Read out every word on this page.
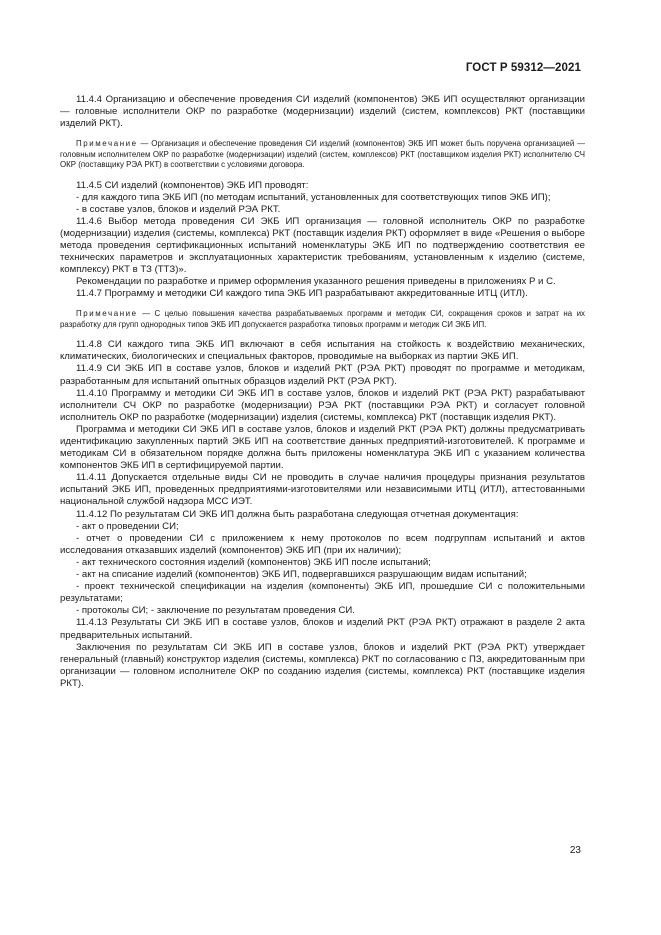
ГОСТ Р 59312—2021

11.4.4 Организацию и обеспечение проведения СИ изделий (компонентов) ЭКБ ИП осуществляют организации — головные исполнители ОКР по разработке (модернизации) изделий (систем, комплексов) РКТ (поставщики изделий РКТ).

Примечание — Организация и обеспечение проведения СИ изделий (компонентов) ЭКБ ИП может быть поручена организацией — головным исполнителем ОКР по разработке (модернизации) изделий (систем, комплексов) РКТ (поставщиком изделия РКТ) исполнителю СЧ ОКР (поставщику РЭА РКТ) в соответствии с условиями договора.

11.4.5 СИ изделий (компонентов) ЭКБ ИП проводят:

- для каждого типа ЭКБ ИП (по методам испытаний, установленных для соответствующих типов ЭКБ ИП);

- в составе узлов, блоков и изделий РЭА РКТ.

11.4.6 Выбор метода проведения СИ ЭКБ ИП организация — головной исполнитель ОКР по разработке (модернизации) изделия (системы, комплекса) РКТ (поставщик изделия РКТ) оформляет в виде «Решения о выборе метода проведения сертификационных испытаний номенклатуры ЭКБ ИП по подтверждению соответствия ее технических параметров и эксплуатационных характеристик требованиям, установленным к изделию (системе, комплексу) РКТ в ТЗ (ТТЗ)».

Рекомендации по разработке и пример оформления указанного решения приведены в приложениях Р и С.

11.4.7 Программу и методики СИ каждого типа ЭКБ ИП разрабатывают аккредитованные ИТЦ (ИТЛ).

Примечание — С целью повышения качества разрабатываемых программ и методик СИ, сокращения сроков и затрат на их разработку для групп однородных типов ЭКБ ИП допускается разработка типовых программ и методик СИ ЭКБ ИП.

11.4.8 СИ каждого типа ЭКБ ИП включают в себя испытания на стойкость к воздействию механических, климатических, биологических и специальных факторов, проводимые на выборках из партии ЭКБ ИП.

11.4.9 СИ ЭКБ ИП в составе узлов, блоков и изделий РКТ (РЭА РКТ) проводят по программе и методикам, разработанным для испытаний опытных образцов изделий РКТ (РЭА РКТ).

11.4.10 Программу и методики СИ ЭКБ ИП в составе узлов, блоков и изделий РКТ (РЭА РКТ) разрабатывают исполнители СЧ ОКР по разработке (модернизации) РЭА РКТ (поставщики РЭА РКТ) и согласует головной исполнитель ОКР по разработке (модернизации) изделия (системы, комплекса) РКТ (поставщик изделия РКТ).

Программа и методики СИ ЭКБ ИП в составе узлов, блоков и изделий РКТ (РЭА РКТ) должны предусматривать идентификацию закупленных партий ЭКБ ИП на соответствие данных предприятий-изготовителей. К программе и методикам СИ в обязательном порядке должна быть приложены номенклатура ЭКБ ИП с указанием количества компонентов ЭКБ ИП в сертифицируемой партии.

11.4.11 Допускается отдельные виды СИ не проводить в случае наличия процедуры признания результатов испытаний ЭКБ ИП, проведенных предприятиями-изготовителями или независимыми ИТЦ (ИТЛ), аттестованными национальной службой надзора МСС ИЭТ.

11.4.12 По результатам СИ ЭКБ ИП должна быть разработана следующая отчетная документация:

- акт о проведении СИ;

- отчет о проведении СИ с приложением к нему протоколов по всем подгруппам испытаний и актов исследования отказавших изделий (компонентов) ЭКБ ИП (при их наличии);

- акт технического состояния изделий (компонентов) ЭКБ ИП после испытаний;

- акт на списание изделий (компонентов) ЭКБ ИП, подвергавшихся разрушающим видам испытаний;

- проект технической спецификации на изделия (компоненты) ЭКБ ИП, прошедшие СИ с положительными результатами;

- протоколы СИ; - заключение по результатам проведения СИ.

11.4.13 Результаты СИ ЭКБ ИП в составе узлов, блоков и изделий РКТ (РЭА РКТ) отражают в разделе 2 акта предварительных испытаний.

Заключения по результатам СИ ЭКБ ИП в составе узлов, блоков и изделий РКТ (РЭА РКТ) утверждает генеральный (главный) конструктор изделия (системы, комплекса) РКТ по согласованию с ПЗ, аккредитованным при организации — головном исполнителе ОКР по созданию изделия (системы, комплекса) РКТ (поставщике изделия РКТ).

23
